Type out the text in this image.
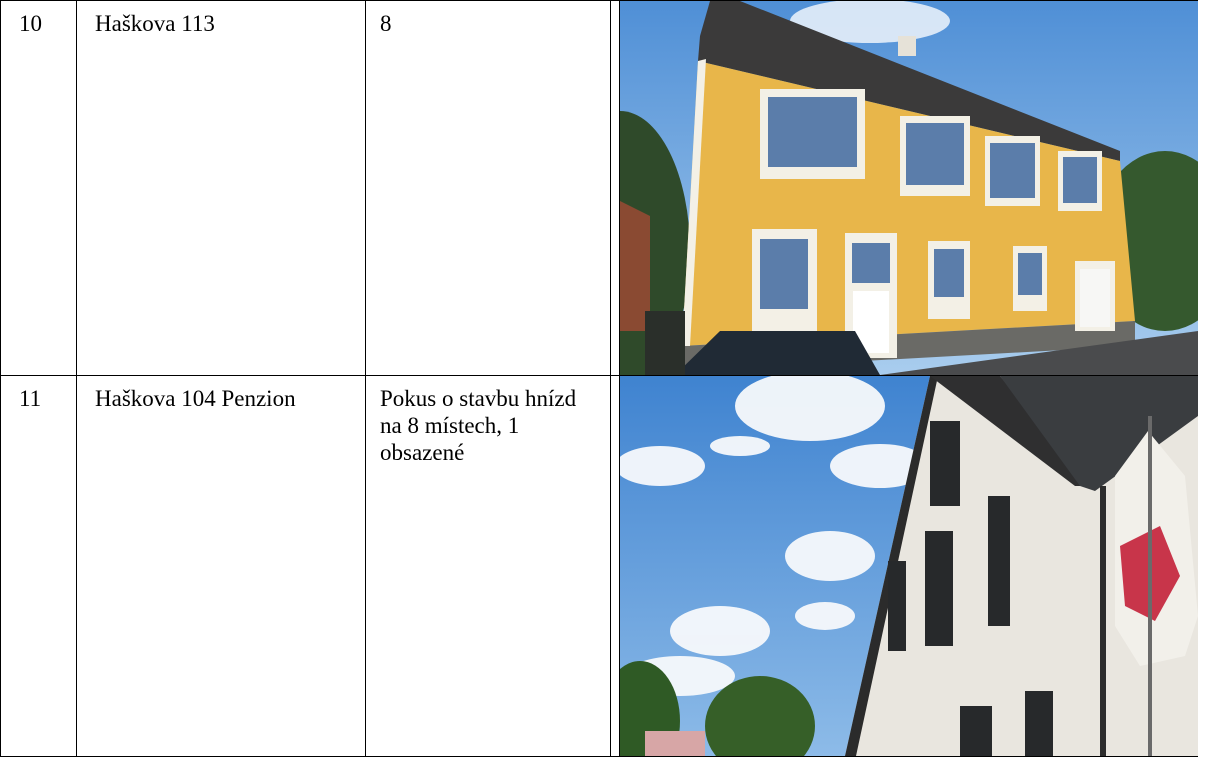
10	Haškova 113	8

11	Haškova 104 Penzion	Pokus o stavbu hnízd na 8 místech, 1 obsazené
